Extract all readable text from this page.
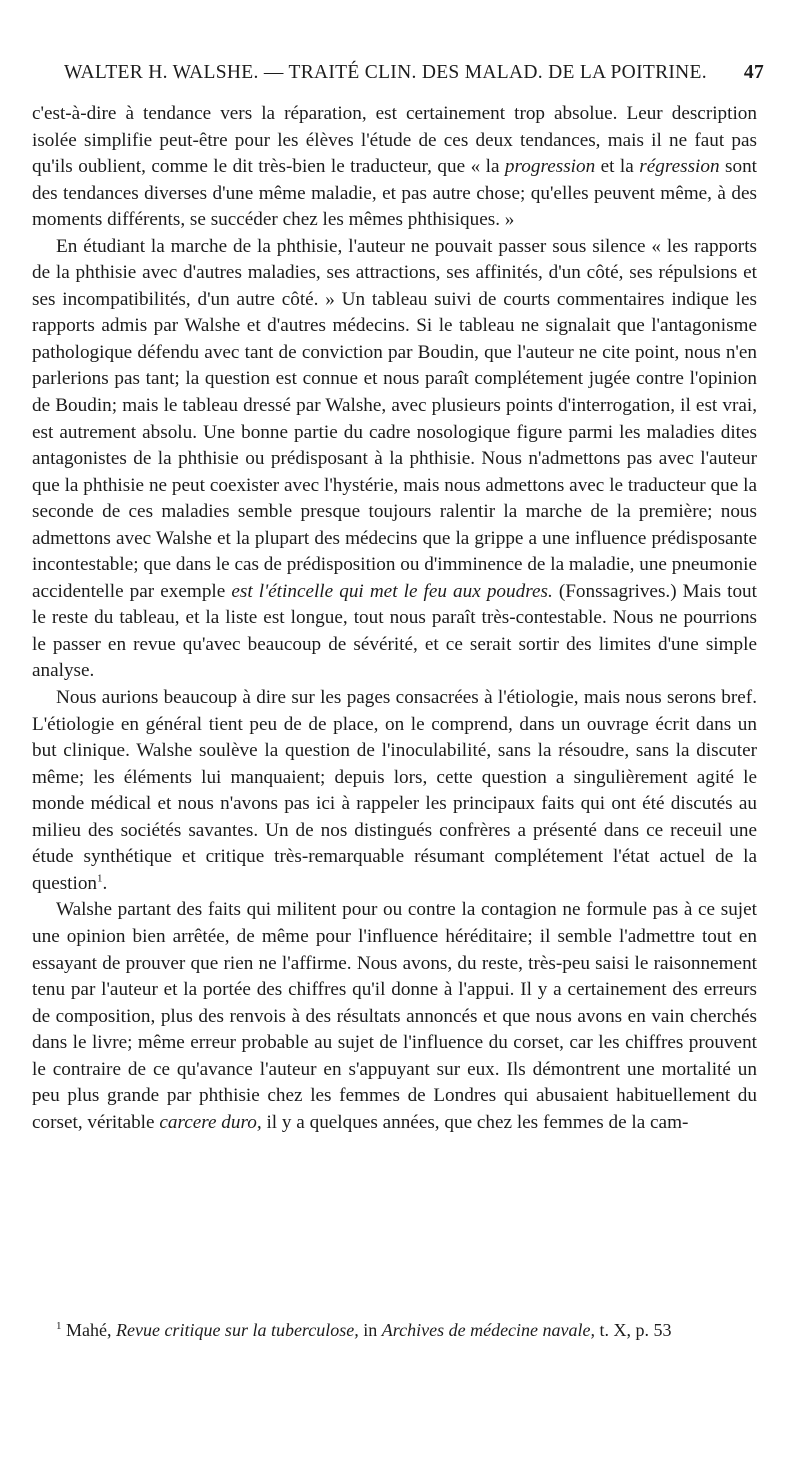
WALTER H. WALSHE. — TRAITÉ CLIN. DES MALAD. DE LA POITRINE. 47

c'est-à-dire à tendance vers la réparation, est certainement trop absolue. Leur description isolée simplifie peut-être pour les élèves l'étude de ces deux tendances, mais il ne faut pas qu'ils oublient, comme le dit très-bien le traducteur, que « la progression et la régression sont des tendances diverses d'une même maladie, et pas autre chose; qu'elles peuvent même, à des moments différents, se succéder chez les mêmes phthisiques. »

En étudiant la marche de la phthisie, l'auteur ne pouvait passer sous silence « les rapports de la phthisie avec d'autres maladies, ses attractions, ses affinités, d'un côté, ses répulsions et ses incompatibilités, d'un autre côté. » Un tableau suivi de courts commentaires indique les rapports admis par Walshe et d'autres médecins. Si le tableau ne signalait que l'antagonisme pathologique défendu avec tant de conviction par Boudin, que l'auteur ne cite point, nous n'en parlerions pas tant; la question est connue et nous paraît complétement jugée contre l'opinion de Boudin; mais le tableau dressé par Walshe, avec plusieurs points d'interrogation, il est vrai, est autrement absolu. Une bonne partie du cadre nosologique figure parmi les maladies dites antagonistes de la phthisie ou prédisposant à la phthisie. Nous n'admettons pas avec l'auteur que la phthisie ne peut coexister avec l'hystérie, mais nous admettons avec le traducteur que la seconde de ces maladies semble presque toujours ralentir la marche de la première; nous admettons avec Walshe et la plupart des médecins que la grippe a une influence prédisposante incontestable; que dans le cas de prédisposition ou d'imminence de la maladie, une pneumonie accidentelle par exemple est l'étincelle qui met le feu aux poudres. (Fonssagrives.) Mais tout le reste du tableau, et la liste est longue, tout nous paraît très-contestable. Nous ne pourrions le passer en revue qu'avec beaucoup de sévérité, et ce serait sortir des limites d'une simple analyse.

Nous aurions beaucoup à dire sur les pages consacrées à l'étiologie, mais nous serons bref. L'étiologie en général tient peu de de place, on le comprend, dans un ouvrage écrit dans un but clinique. Walshe soulève la question de l'inoculabilité, sans la résoudre, sans la discuter même; les éléments lui manquaient; depuis lors, cette question a singulièrement agité le monde médical et nous n'avons pas ici à rappeler les principaux faits qui ont été discutés au milieu des sociétés savantes. Un de nos distingués confrères a présenté dans ce receuil une étude synthétique et critique très-remarquable résumant complétement l'état actuel de la question$^1$.

Walshe partant des faits qui militent pour ou contre la contagion ne formule pas à ce sujet une opinion bien arrêtée, de même pour l'influence héréditaire; il semble l'admettre tout en essayant de prouver que rien ne l'affirme. Nous avons, du reste, très-peu saisi le raisonnement tenu par l'auteur et la portée des chiffres qu'il donne à l'appui. Il y a certainement des erreurs de composition, plus des renvois à des résultats annoncés et que nous avons en vain cherchés dans le livre; même erreur probable au sujet de l'influence du corset, car les chiffres prouvent le contraire de ce qu'avance l'auteur en s'appuyant sur eux. Ils démontrent une mortalité un peu plus grande par phthisie chez les femmes de Londres qui abusaient habituellement du corset, véritable carcere duro, il y a quelques années, que chez les femmes de la cam-

$^1$ Mahé, Revue critique sur la tuberculose, in Archives de médecine navale, t. X, p. 53
